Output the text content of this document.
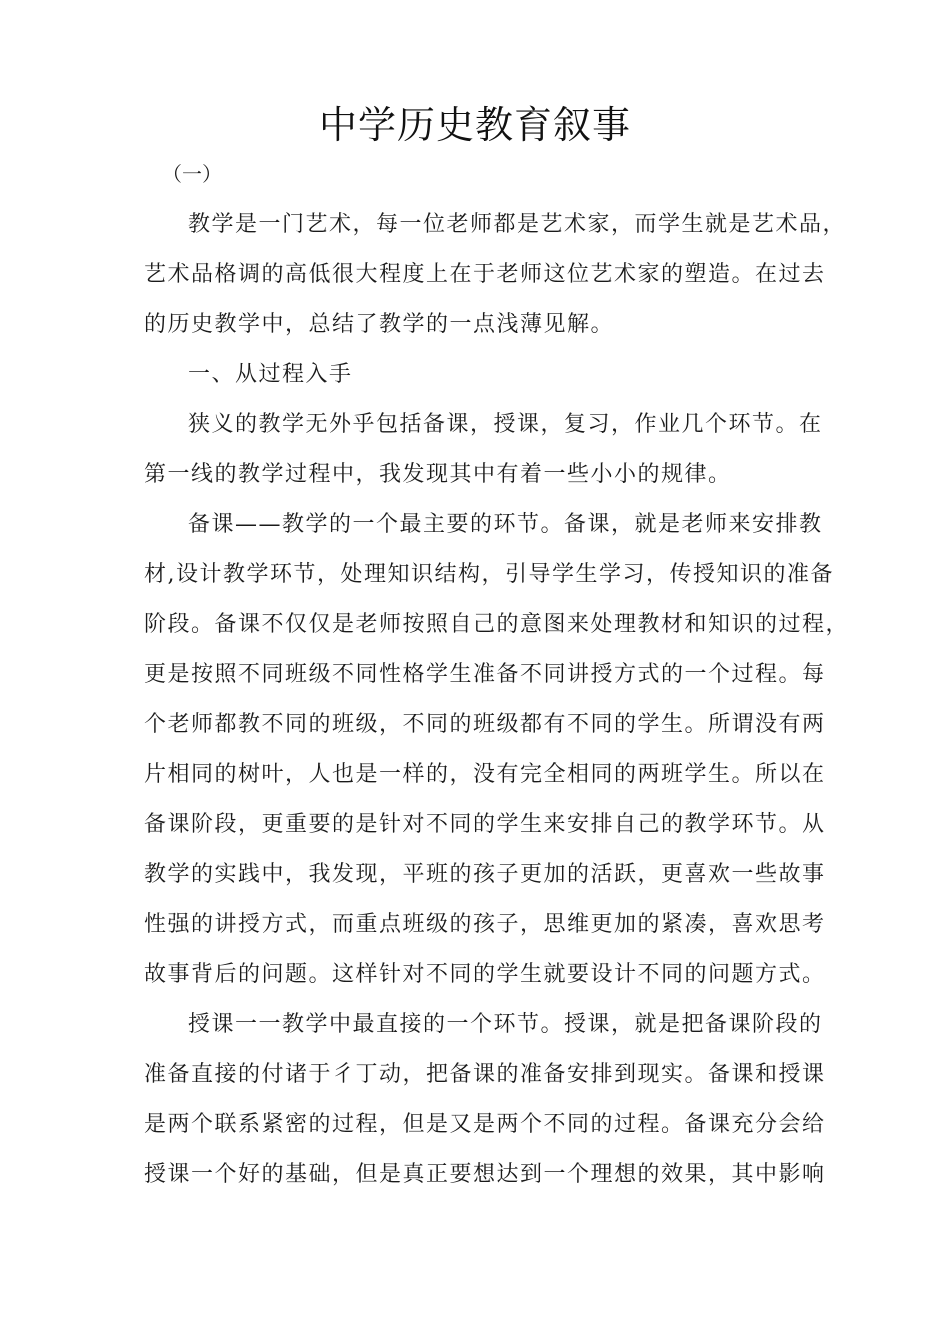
中学历史教育叙事
（一）
教学是一门艺术，每一位老师都是艺术家，而学生就是艺术品，
艺术品格调的高低很大程度上在于老师这位艺术家的塑造。在过去
的历史教学中，总结了教学的一点浅薄见解。
一、从过程入手
狭义的教学无外乎包括备课，授课，复习，作业几个环节。在
第一线的教学过程中，我发现其中有着一些小小的规律。
备课——教学的一个最主要的环节。备课，就是老师来安排教
材,设计教学环节，处理知识结构，引导学生学习，传授知识的准备
阶段。备课不仅仅是老师按照自己的意图来处理教材和知识的过程，
更是按照不同班级不同性格学生准备不同讲授方式的一个过程。每
个老师都教不同的班级，不同的班级都有不同的学生。所谓没有两
片相同的树叶，人也是一样的，没有完全相同的两班学生。所以在
备课阶段，更重要的是针对不同的学生来安排自己的教学环节。从
教学的实践中，我发现，平班的孩子更加的活跃，更喜欢一些故事
性强的讲授方式，而重点班级的孩子，思维更加的紧凑，喜欢思考
故事背后的问题。这样针对不同的学生就要设计不同的问题方式。
授课一一教学中最直接的一个环节。授课，就是把备课阶段的
准备直接的付诸于彳丁动，把备课的准备安排到现实。备课和授课
是两个联系紧密的过程，但是又是两个不同的过程。备课充分会给
授课一个好的基础，但是真正要想达到一个理想的效果，其中影响
